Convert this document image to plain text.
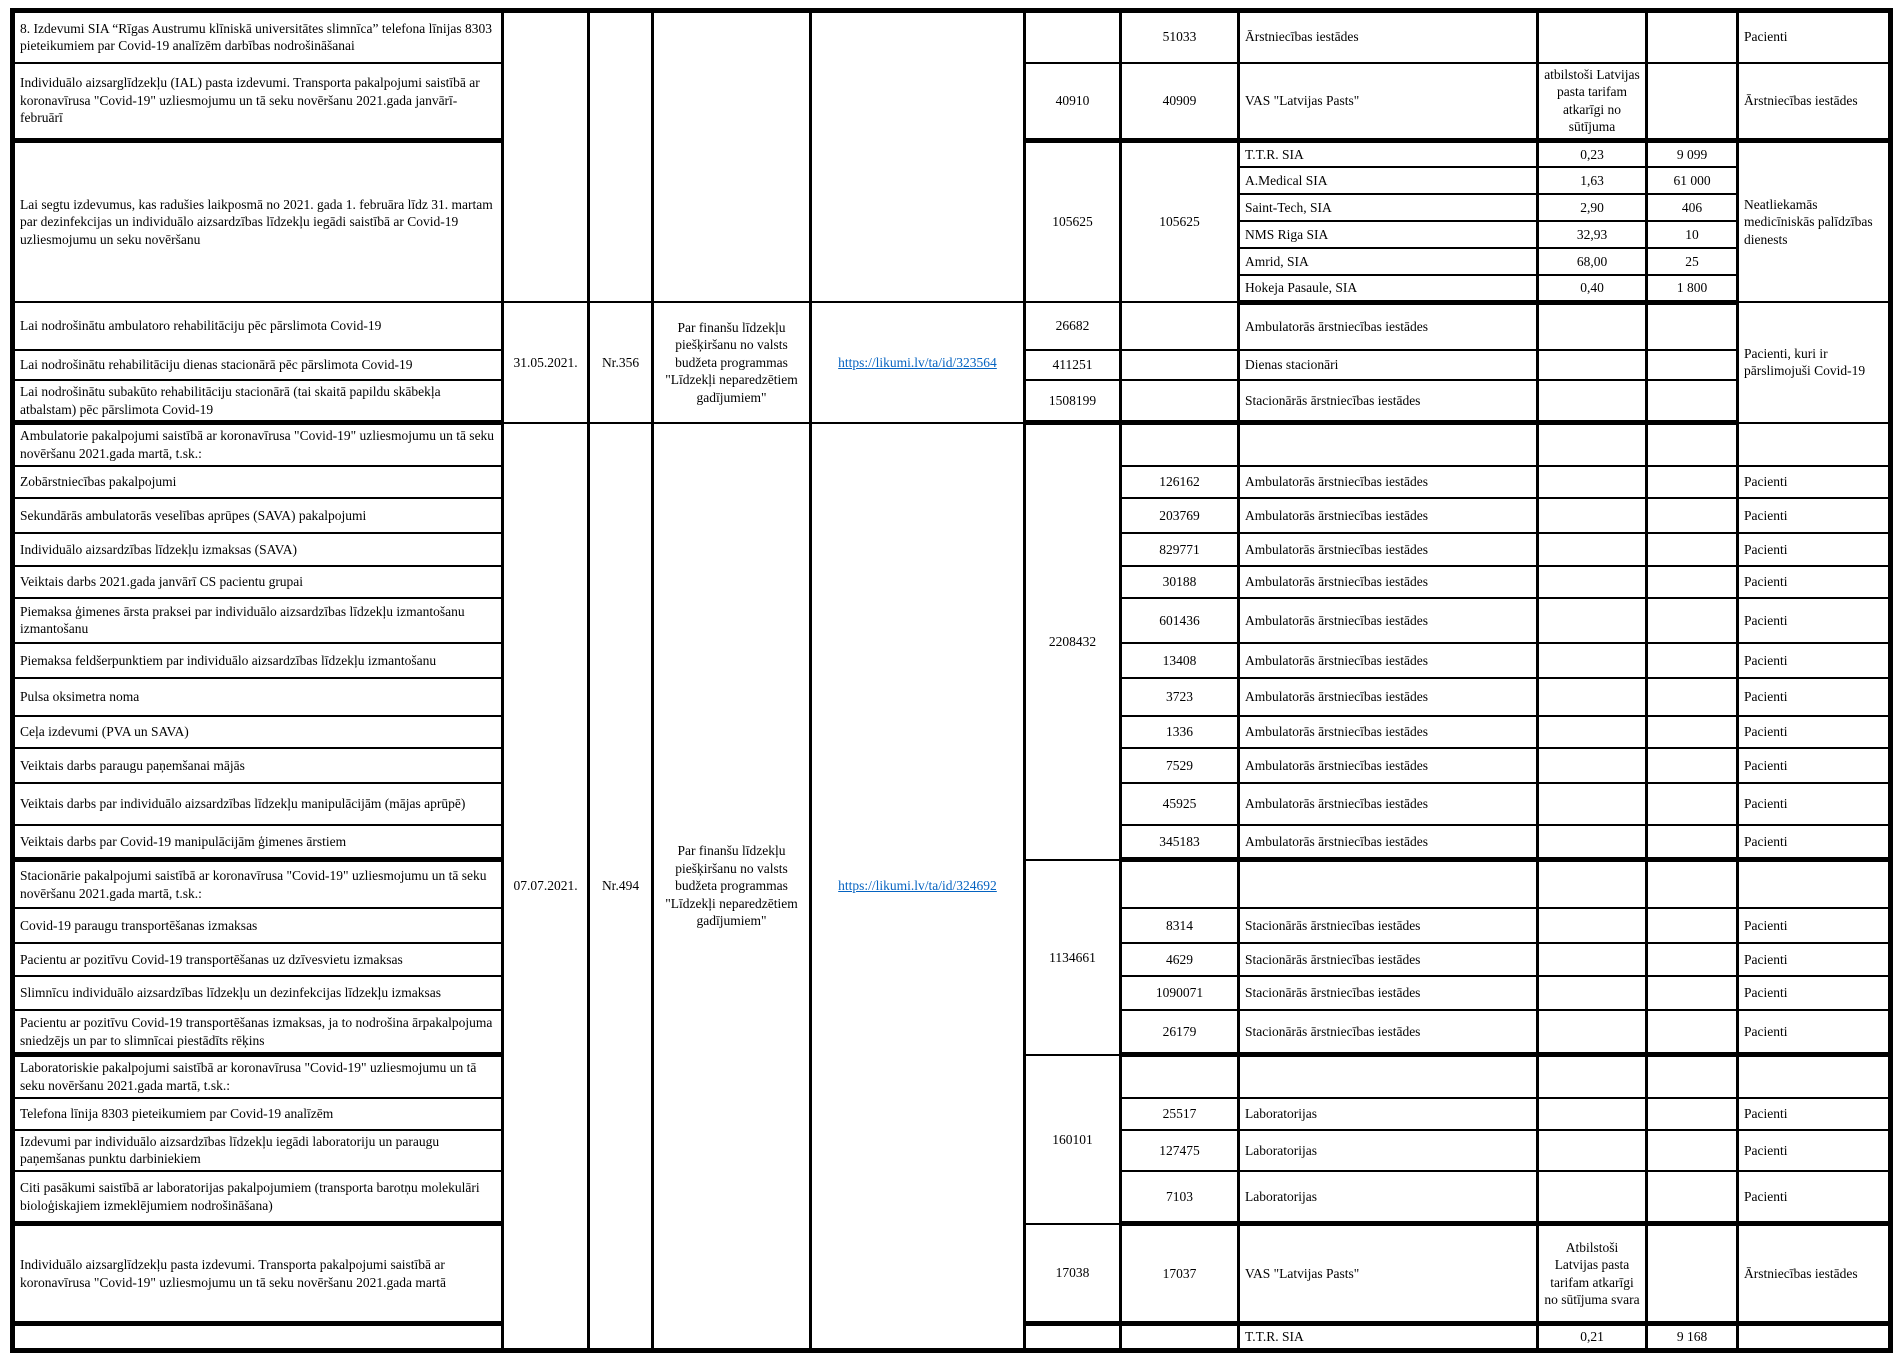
8. Izdevumi SIA “Rīgas Austrumu klīniskā universitātes slimnīca” telefona līnijas 8303 pieteikumiem par Covid-19 analīzēm darbības nodrošināšanai						51033	Ārstniecības iestādes			Pacienti
Individuālo aizsarglīdzekļu (IAL) pasta izdevumi. Transporta pakalpojumi saistībā ar koronavīrusa "Covid-19" uzliesmojumu un tā seku novēršanu 2021.gada janvārī-februārī					40910	40909	VAS "Latvijas Pasts"	atbilstoši Latvijas pasta tarifam atkarīgi no sūtījuma		Ārstniecības iestādes
Lai segtu izdevumus, kas radušies laikposmā no 2021. gada 1. februāra līdz 31. martam par dezinfekcijas un individuālo aizsardzības līdzekļu iegādi saistībā ar Covid-19 uzliesmojumu un seku novēršanu					105625	105625	T.T.R. SIA	0,23	9 099	Neatliekamās medicīniskās palīdzības dienests
							A.Medical SIA	1,63	61 000	
							Saint-Tech, SIA	2,90	406	
							NMS Riga SIA	32,93	10	
							Amrid, SIA	68,00	25	
							Hokeja Pasaule, SIA	0,40	1 800	
Lai nodrošinātu ambulatoro rehabilitāciju pēc pārslimota Covid-19	31.05.2021.	Nr.356	Par finanšu līdzekļu piešķiršanu no valsts budžeta programmas "Līdzekļi neparedzētiem gadījumiem"	https://likumi.lv/ta/id/323564	26682		Ambulatorās ārstniecības iestādes			Pacienti, kuri ir pārslimojuši Covid-19
Lai nodrošinātu rehabilitāciju dienas stacionārā pēc pārslimota Covid-19					411251		Dienas stacionāri			
Lai nodrošinātu subakūto rehabilitāciju stacionārā (tai skaitā papildu skābekļa atbalstam) pēc pārslimota Covid-19					1508199		Stacionārās ārstniecības iestādes			
Ambulatorie pakalpojumi saistībā ar koronavīrusa "Covid-19" uzliesmojumu un tā seku novēršanu 2021.gada martā, t.sk.:	07.07.2021.	Nr.494	Par finanšu līdzekļu piešķiršanu no valsts budžeta programmas "Līdzekļi neparedzētiem gadījumiem"	https://likumi.lv/ta/id/324692	2208432					
Zobārstniecības pakalpojumi						126162	Ambulatorās ārstniecības iestādes			Pacienti
Sekundārās ambulatorās veselības aprūpes (SAVA) pakalpojumi						203769	Ambulatorās ārstniecības iestādes			Pacienti
Individuālo aizsardzības līdzekļu izmaksas (SAVA)						829771	Ambulatorās ārstniecības iestādes			Pacienti
Veiktais darbs 2021.gada janvārī CS pacientu grupai						30188	Ambulatorās ārstniecības iestādes			Pacienti
Piemaksa ģimenes ārsta praksei par individuālo aizsardzības līdzekļu izmantošanu izmantošanu						601436	Ambulatorās ārstniecības iestādes			Pacienti
Piemaksa feldšerpunktiem par individuālo aizsardzības līdzekļu izmantošanu						13408	Ambulatorās ārstniecības iestādes			Pacienti
Pulsa oksimetra noma						3723	Ambulatorās ārstniecības iestādes			Pacienti
Ceļa izdevumi (PVA un SAVA)						1336	Ambulatorās ārstniecības iestādes			Pacienti
Veiktais darbs paraugu paņemšanai mājās						7529	Ambulatorās ārstniecības iestādes			Pacienti
Veiktais darbs par individuālo aizsardzības līdzekļu manipulācijām (mājas aprūpē)						45925	Ambulatorās ārstniecības iestādes			Pacienti
Veiktais darbs par Covid-19 manipulācijām ģimenes ārstiem						345183	Ambulatorās ārstniecības iestādes			Pacienti
Stacionārie pakalpojumi saistībā ar koronavīrusa "Covid-19" uzliesmojumu un tā seku novēršanu 2021.gada martā, t.sk.:					1134661					
Covid-19 paraugu transportēšanas izmaksas						8314	Stacionārās ārstniecības iestādes			Pacienti
Pacientu ar pozitīvu Covid-19 transportēšanas uz dzīvesvietu izmaksas						4629	Stacionārās ārstniecības iestādes			Pacienti
Slimnīcu individuālo aizsardzības līdzekļu un dezinfekcijas līdzekļu izmaksas						1090071	Stacionārās ārstniecības iestādes			Pacienti
Pacientu ar pozitīvu Covid-19 transportēšanas izmaksas, ja to nodrošina ārpakalpojuma sniedzējs un par to slimnīcai piestādīts rēķins						26179	Stacionārās ārstniecības iestādes			Pacienti
Laboratoriskie pakalpojumi saistībā ar koronavīrusa "Covid-19" uzliesmojumu un tā seku novēršanu 2021.gada martā, t.sk.:					160101					
Telefona līnija 8303 pieteikumiem par Covid-19 analīzēm						25517	Laboratorijas			Pacienti
Izdevumi par individuālo aizsardzības līdzekļu iegādi laboratoriju un paraugu paņemšanas punktu darbiniekiem						127475	Laboratorijas			Pacienti
Citi pasākumi saistībā ar laboratorijas pakalpojumiem (transporta barotņu molekulāri bioloģiskajiem izmeklējumiem nodrošināšana)						7103	Laboratorijas			Pacienti
Individuālo aizsarglīdzekļu pasta izdevumi. Transporta pakalpojumi saistībā ar koronavīrusa "Covid-19" uzliesmojumu un tā seku novēršanu 2021.gada martā					17038	17037	VAS "Latvijas Pasts"	Atbilstoši Latvijas pasta tarifam atkarīgi no sūtījuma svara		Ārstniecības iestādes
							T.T.R. SIA	0,21	9 168	
